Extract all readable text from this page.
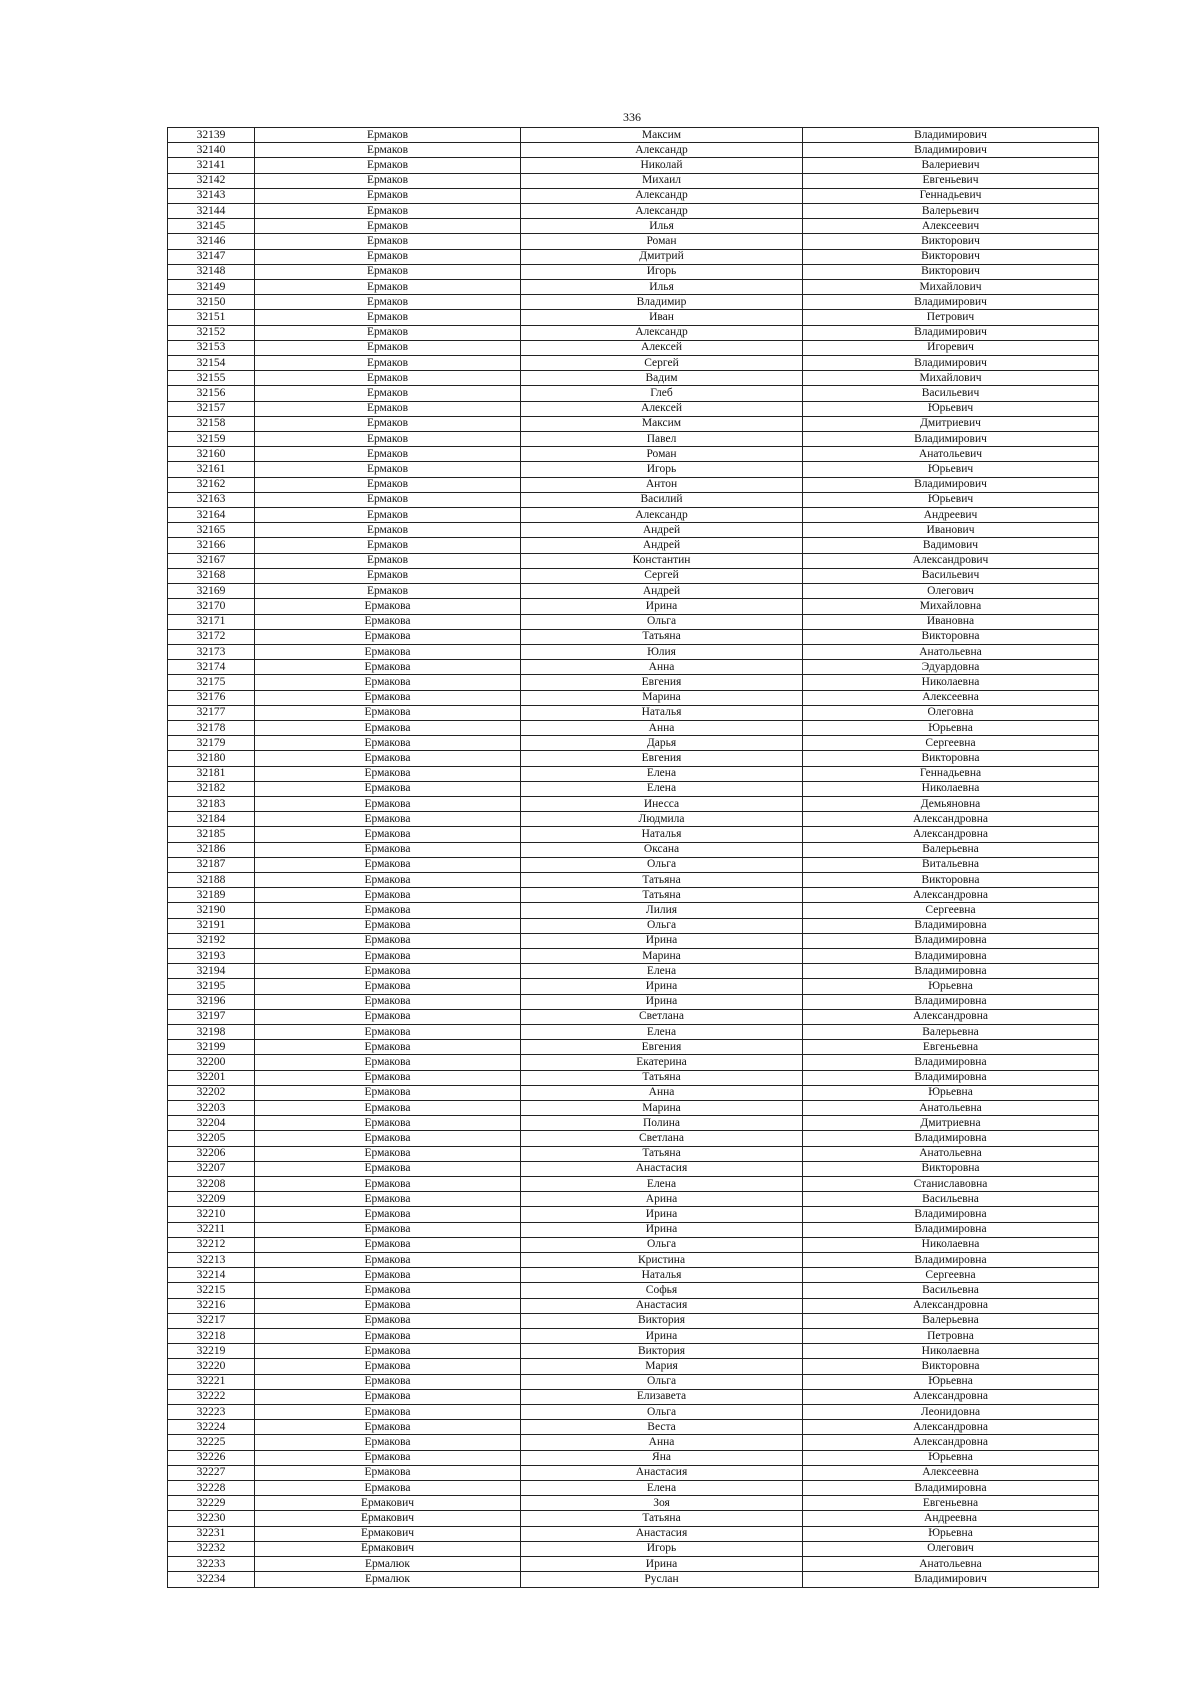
336
32139	Ермаков	Максим	Владимирович
32140	Ермаков	Александр	Владимирович
32141	Ермаков	Николай	Валериевич
32142	Ермаков	Михаил	Евгеньевич
32143	Ермаков	Александр	Геннадьевич
32144	Ермаков	Александр	Валерьевич
32145	Ермаков	Илья	Алексеевич
32146	Ермаков	Роман	Викторович
32147	Ермаков	Дмитрий	Викторович
32148	Ермаков	Игорь	Викторович
32149	Ермаков	Илья	Михайлович
32150	Ермаков	Владимир	Владимирович
32151	Ермаков	Иван	Петрович
32152	Ермаков	Александр	Владимирович
32153	Ермаков	Алексей	Игоревич
32154	Ермаков	Сергей	Владимирович
32155	Ермаков	Вадим	Михайлович
32156	Ермаков	Глеб	Васильевич
32157	Ермаков	Алексей	Юрьевич
32158	Ермаков	Максим	Дмитриевич
32159	Ермаков	Павел	Владимирович
32160	Ермаков	Роман	Анатольевич
32161	Ермаков	Игорь	Юрьевич
32162	Ермаков	Антон	Владимирович
32163	Ермаков	Василий	Юрьевич
32164	Ермаков	Александр	Андреевич
32165	Ермаков	Андрей	Иванович
32166	Ермаков	Андрей	Вадимович
32167	Ермаков	Константин	Александрович
32168	Ермаков	Сергей	Васильевич
32169	Ермаков	Андрей	Олегович
32170	Ермакова	Ирина	Михайловна
32171	Ермакова	Ольга	Ивановна
32172	Ермакова	Татьяна	Викторовна
32173	Ермакова	Юлия	Анатольевна
32174	Ермакова	Анна	Эдуардовна
32175	Ермакова	Евгения	Николаевна
32176	Ермакова	Марина	Алексеевна
32177	Ермакова	Наталья	Олеговна
32178	Ермакова	Анна	Юрьевна
32179	Ермакова	Дарья	Сергеевна
32180	Ермакова	Евгения	Викторовна
32181	Ермакова	Елена	Геннадьевна
32182	Ермакова	Елена	Николаевна
32183	Ермакова	Инесса	Демьяновна
32184	Ермакова	Людмила	Александровна
32185	Ермакова	Наталья	Александровна
32186	Ермакова	Оксана	Валерьевна
32187	Ермакова	Ольга	Витальевна
32188	Ермакова	Татьяна	Викторовна
32189	Ермакова	Татьяна	Александровна
32190	Ермакова	Лилия	Сергеевна
32191	Ермакова	Ольга	Владимировна
32192	Ермакова	Ирина	Владимировна
32193	Ермакова	Марина	Владимировна
32194	Ермакова	Елена	Владимировна
32195	Ермакова	Ирина	Юрьевна
32196	Ермакова	Ирина	Владимировна
32197	Ермакова	Светлана	Александровна
32198	Ермакова	Елена	Валерьевна
32199	Ермакова	Евгения	Евгеньевна
32200	Ермакова	Екатерина	Владимировна
32201	Ермакова	Татьяна	Владимировна
32202	Ермакова	Анна	Юрьевна
32203	Ермакова	Марина	Анатольевна
32204	Ермакова	Полина	Дмитриевна
32205	Ермакова	Светлана	Владимировна
32206	Ермакова	Татьяна	Анатольевна
32207	Ермакова	Анастасия	Викторовна
32208	Ермакова	Елена	Станиславовна
32209	Ермакова	Арина	Васильевна
32210	Ермакова	Ирина	Владимировна
32211	Ермакова	Ирина	Владимировна
32212	Ермакова	Ольга	Николаевна
32213	Ермакова	Кристина	Владимировна
32214	Ермакова	Наталья	Сергеевна
32215	Ермакова	Софья	Васильевна
32216	Ермакова	Анастасия	Александровна
32217	Ермакова	Виктория	Валерьевна
32218	Ермакова	Ирина	Петровна
32219	Ермакова	Виктория	Николаевна
32220	Ермакова	Мария	Викторовна
32221	Ермакова	Ольга	Юрьевна
32222	Ермакова	Елизавета	Александровна
32223	Ермакова	Ольга	Леонидовна
32224	Ермакова	Веста	Александровна
32225	Ермакова	Анна	Александровна
32226	Ермакова	Яна	Юрьевна
32227	Ермакова	Анастасия	Алексеевна
32228	Ермакова	Елена	Владимировна
32229	Ермакович	Зоя	Евгеньевна
32230	Ермакович	Татьяна	Андреевна
32231	Ермакович	Анастасия	Юрьевна
32232	Ермакович	Игорь	Олегович
32233	Ермалюк	Ирина	Анатольевна
32234	Ермалюк	Руслан	Владимирович
